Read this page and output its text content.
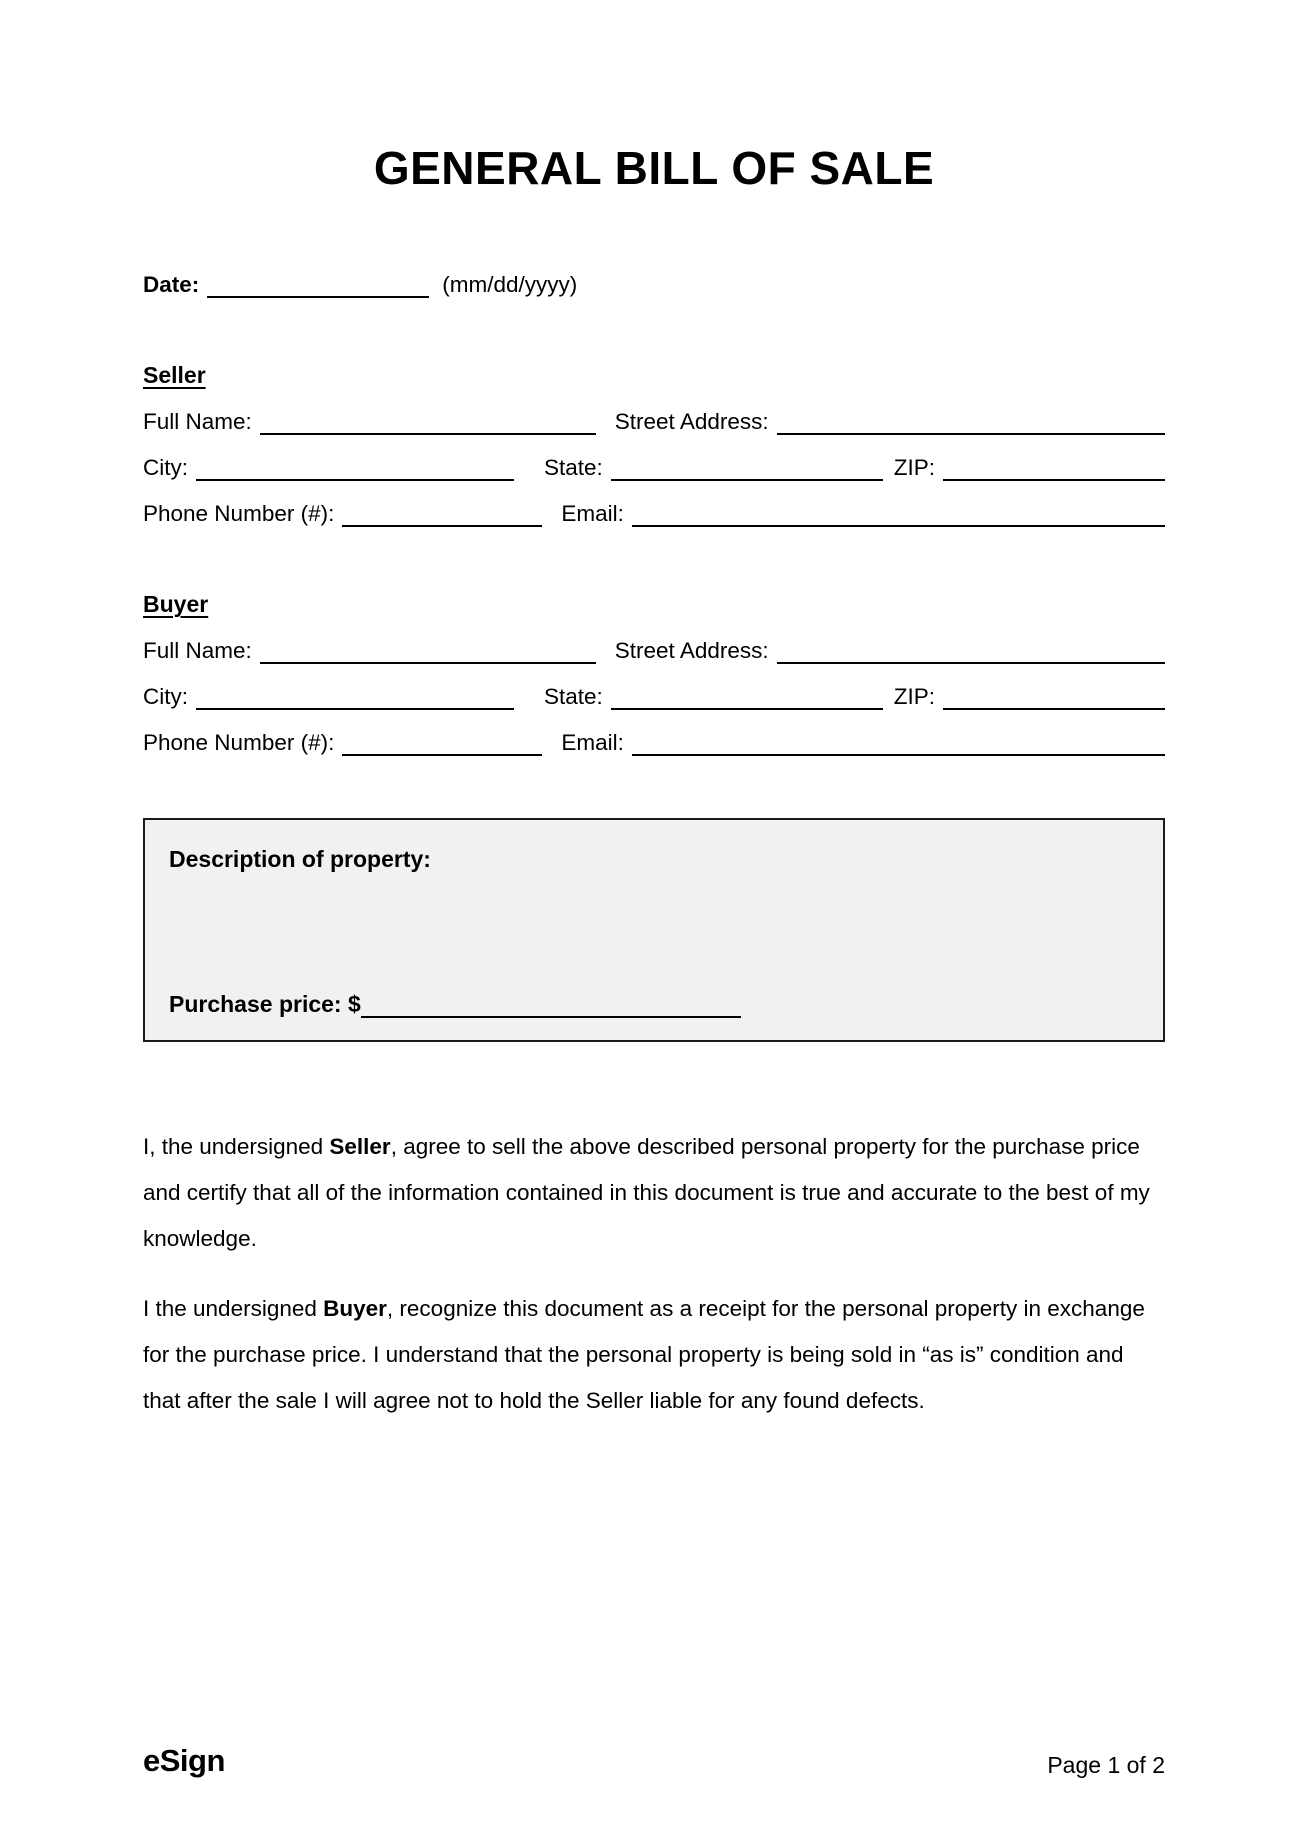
GENERAL BILL OF SALE
Date:	(mm/dd/yyyy)
Seller
Full Name:	Street Address:
City:	State:	ZIP:
Phone Number (#):	Email:
Buyer
Full Name:	Street Address:
City:	State:	ZIP:
Phone Number (#):	Email:
Description of property:
Purchase price: $

I, the undersigned Seller, agree to sell the above described personal property for the purchase price and certify that all of the information contained in this document is true and accurate to the best of my knowledge.

I the undersigned Buyer, recognize this document as a receipt for the personal property in exchange for the purchase price. I understand that the personal property is being sold in “as is” condition and that after the sale I will agree not to hold the Seller liable for any found defects.

eSign	Page 1 of 2
